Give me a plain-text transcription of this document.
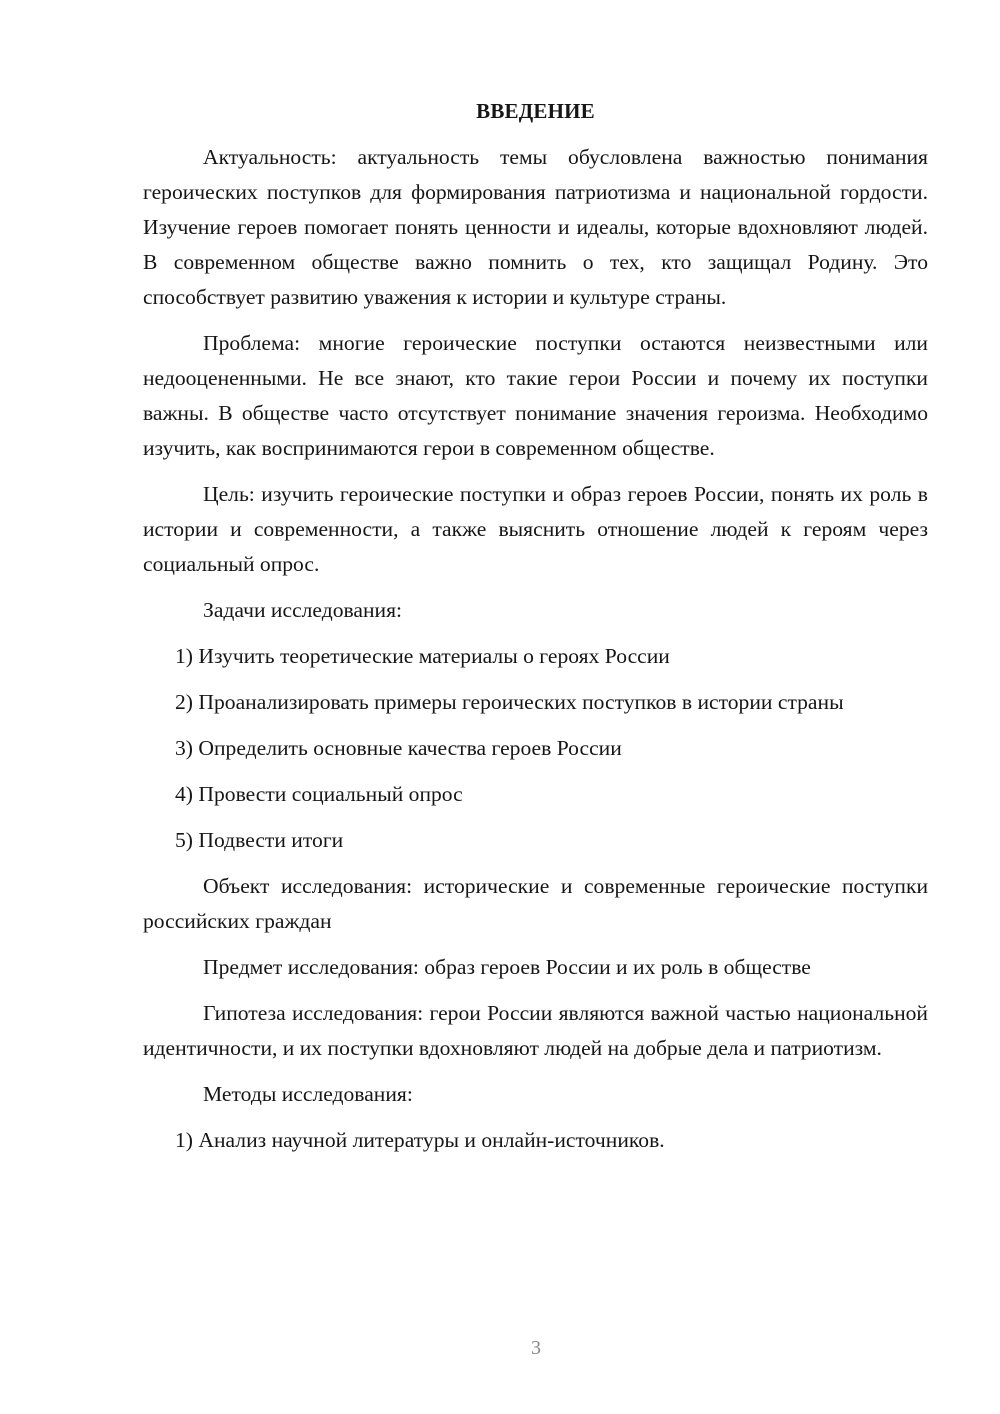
ВВЕДЕНИЕ

Актуальность: актуальность темы обусловлена важностью понимания героических поступков для формирования патриотизма и национальной гордости. Изучение героев помогает понять ценности и идеалы, которые вдохновляют людей. В современном обществе важно помнить о тех, кто защищал Родину. Это способствует развитию уважения к истории и культуре страны.

Проблема: многие героические поступки остаются неизвестными или недооцененными. Не все знают, кто такие герои России и почему их поступки важны. В обществе часто отсутствует понимание значения героизма. Необходимо изучить, как воспринимаются герои в современном обществе.

Цель: изучить героические поступки и образ героев России, понять их роль в истории и современности, а также выяснить отношение людей к героям через социальный опрос.

Задачи исследования:

1) Изучить теоретические материалы о героях России

2) Проанализировать примеры героических поступков в истории страны

3) Определить основные качества героев России

4) Провести социальный опрос

5) Подвести итоги

Объект исследования: исторические и современные героические поступки российских граждан

Предмет исследования: образ героев России и их роль в обществе

Гипотеза исследования: герои России являются важной частью национальной идентичности, и их поступки вдохновляют людей на добрые дела и патриотизм.

Методы исследования:

1) Анализ научной литературы и онлайн-источников.

3
